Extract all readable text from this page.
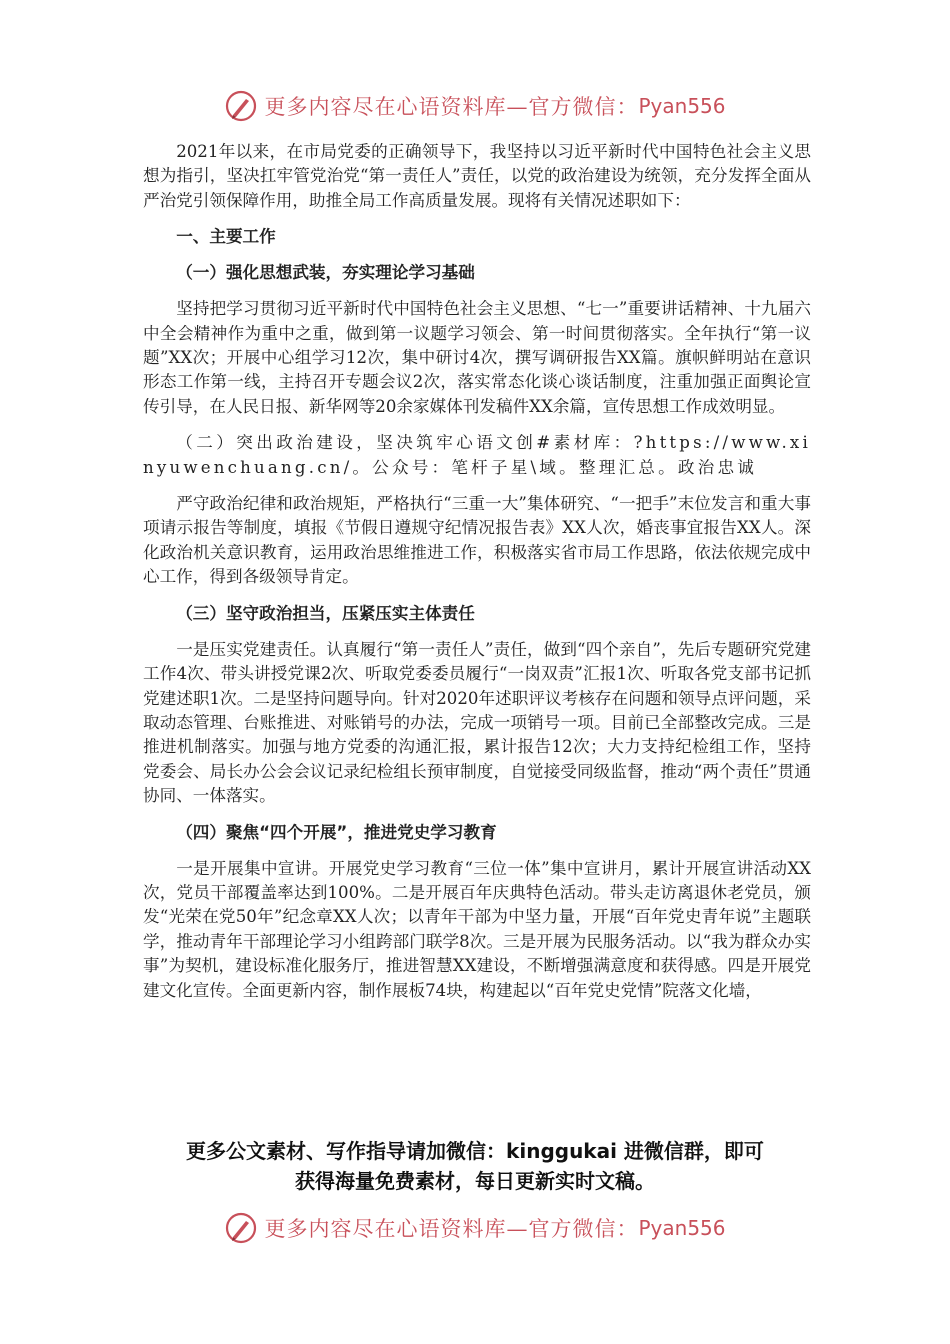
更多内容尽在心语资料库—官方微信： Pyan556

2021年以来，在市局党委的正确领导下，我坚持以习近平新时代中国特色社会主义思想为指引，坚决扛牢管党治党“第一责任人”责任，以党的政治建设为统领，充分发挥全面从严治党引领保障作用，助推全局工作高质量发展。现将有关情况述职如下：

一、主要工作

（一）强化思想武装，夯实理论学习基础

坚持把学习贯彻习近平新时代中国特色社会主义思想、“七一”重要讲话精神、十九届六中全会精神作为重中之重，做到第一议题学习领会、第一时间贯彻落实。全年执行“第一议题”XX次；开展中心组学习12次，集中研讨4次，撰写调研报告XX篇。旗帜鲜明站在意识形态工作第一线，主持召开专题会议2次，落实常态化谈心谈话制度，注重加强正面舆论宣传引导，在人民日报、新华网等20余家媒体刊发稿件XX余篇，宣传思想工作成效明显。

（二）突出政治建设，坚决筑牢心语文创#素材库：?https://www.xinyuwenchuang.cn/。公众号：笔杆子星\域。整理汇总。政治忠诚

严守政治纪律和政治规矩，严格执行“三重一大”集体研究、“一把手”末位发言和重大事项请示报告等制度，填报《节假日遵规守纪情况报告表》XX人次，婚丧事宜报告XX人。深化政治机关意识教育，运用政治思维推进工作，积极落实省市局工作思路，依法依规完成中心工作，得到各级领导肯定。

（三）坚守政治担当，压紧压实主体责任

一是压实党建责任。认真履行“第一责任人”责任，做到“四个亲自”，先后专题研究党建工作4次、带头讲授党课2次、听取党委委员履行“一岗双责”汇报1次、听取各党支部书记抓党建述职1次。二是坚持问题导向。针对2020年述职评议考核存在问题和领导点评问题，采取动态管理、台账推进、对账销号的办法，完成一项销号一项。目前已全部整改完成。三是推进机制落实。加强与地方党委的沟通汇报，累计报告12次；大力支持纪检组工作，坚持党委会、局长办公会会议记录纪检组长预审制度，自觉接受同级监督，推动“两个责任”贯通协同、一体落实。

（四）聚焦“四个开展”，推进党史学习教育

一是开展集中宣讲。开展党史学习教育“三位一体”集中宣讲月，累计开展宣讲活动XX次，党员干部覆盖率达到100%。二是开展百年庆典特色活动。带头走访离退休老党员，颁发“光荣在党50年”纪念章XX人次；以青年干部为中坚力量，开展“百年党史青年说”主题联学，推动青年干部理论学习小组跨部门联学8次。三是开展为民服务活动。以“我为群众办实事”为契机，建设标准化服务厅，推进智慧XX建设，不断增强满意度和获得感。四是开展党建文化宣传。全面更新内容，制作展板74块，构建起以“百年党史党情”院落文化墙，

更多公文素材、写作指导请加微信：kinggukai 进微信群，即可
获得海量免费素材，每日更新实时文稿。
更多内容尽在心语资料库—官方微信： Pyan556
